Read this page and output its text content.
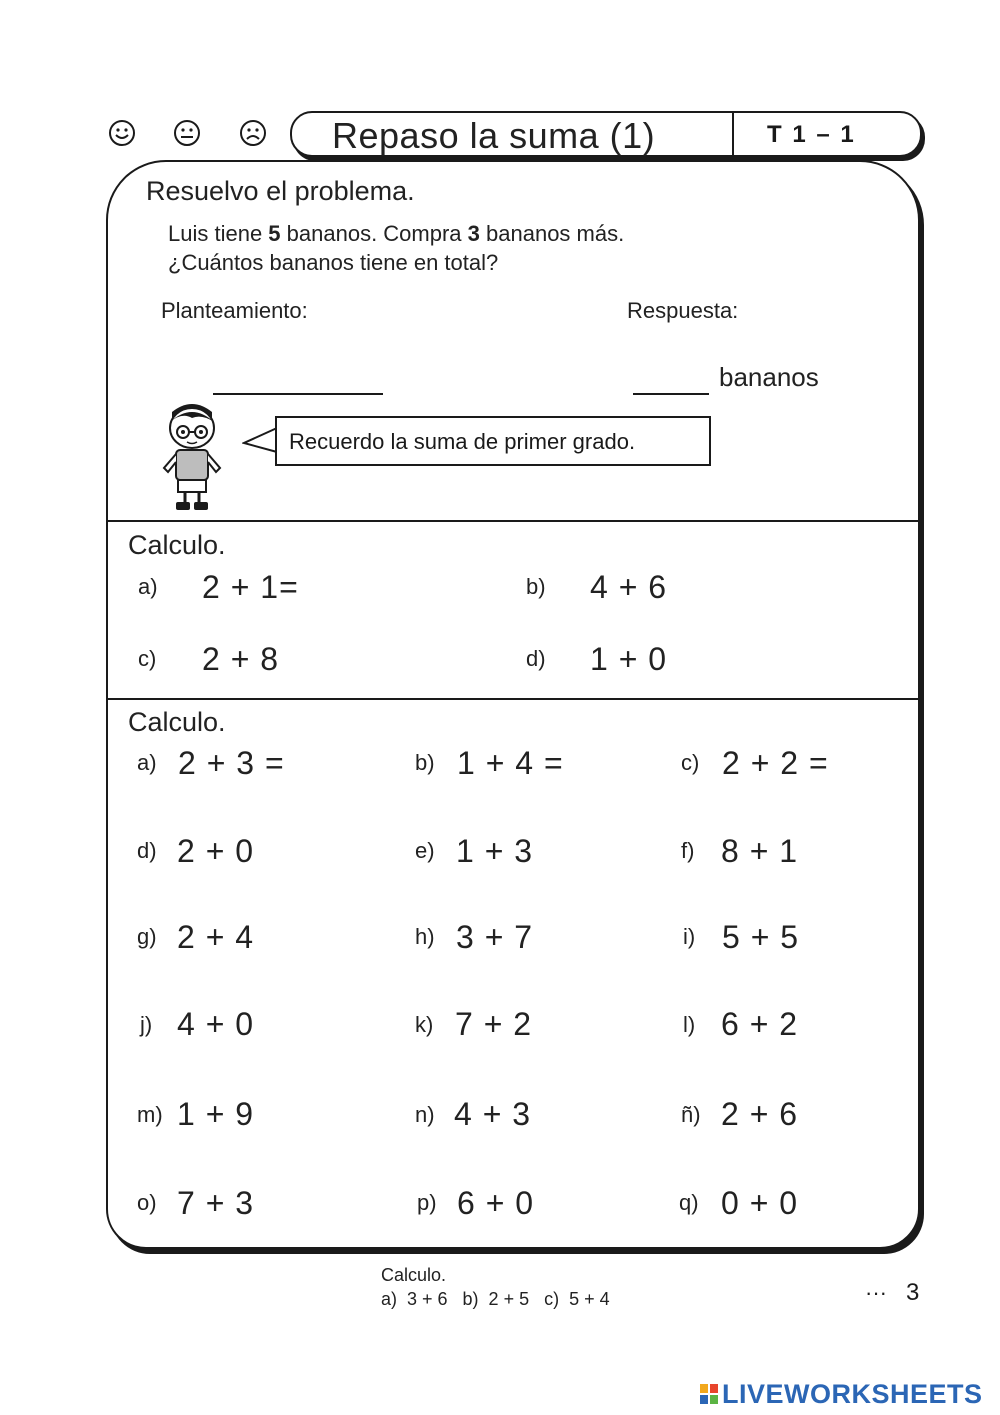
Repaso la suma (1)	T 1 – 1
Resuelvo el problema.
Luis tiene 5 bananos. Compra 3 bananos más.
¿Cuántos bananos tiene en total?
Planteamiento:	Respuesta:
bananos
Recuerdo la suma de primer grado.
Calculo.
a) 2 + 1=	b) 4 + 6
c) 2 + 8	d) 1 + 0
Calculo.
a) 2 + 3 =	b) 1 + 4 =	c) 2 + 2 =
d) 2 + 0	e) 1 + 3	f) 8 + 1
g) 2 + 4	h) 3 + 7	i) 5 + 5
j) 4 + 0	k) 7 + 2	l) 6 + 2
m) 1 + 9	n) 4 + 3	ñ) 2 + 6
o) 7 + 3	p) 6 + 0	q) 0 + 0
Calculo.
a)  3 + 6   b)  2 + 5   c)  5 + 4	··· 3
LIVEWORKSHEETS
